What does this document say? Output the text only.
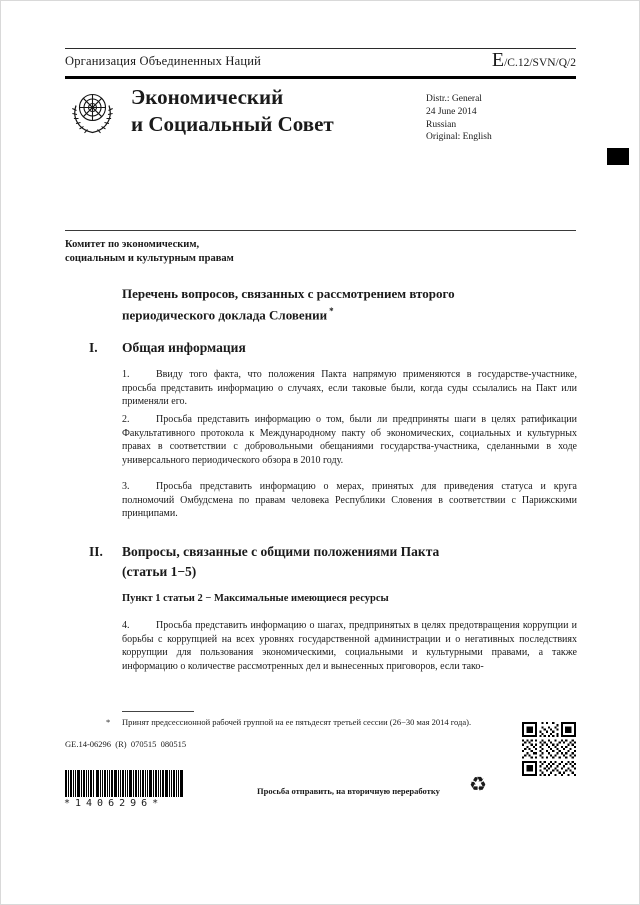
Организация Объединенных Наций	E/C.12/SVN/Q/2
Экономический
и Социальный Совет
Distr.: General
24 June 2014
Russian
Original: English
Комитет по экономическим,
социальным и культурным правам
Перечень вопросов, связанных с рассмотрением второго периодического доклада Словении *
I.	Общая информация

1.	Ввиду того факта, что положения Пакта напрямую применяются в государстве-участнике, просьба представить информацию о случаях, если таковые были, когда суды ссылались на Пакт или применяли его.

2.	Просьба представить информацию о том, были ли предприняты шаги в целях ратификации Факультативного протокола к Международному пакту об экономических, социальных и культурных правах в соответствии с добровольными обещаниями государства-участника, сделанными в ходе универсального периодического обзора в 2010 году.

3.	Просьба представить информацию о мерах, принятых для приведения статуса и круга полномочий Омбудсмена по правам человека Республики Словения в соответствии с Парижскими принципами.

II.	Вопросы, связанные с общими положениями Пакта (статьи 1−5)
Пункт 1 статьи 2 − Максимальные имеющиеся ресурсы

4.	Просьба представить информацию о шагах, предпринятых в целях предотвращения коррупции и борьбы с коррупцией на всех уровнях государственной администрации и о негативных последствиях коррупции для пользования экономическими, социальными и культурными правами, а также информацию о количестве рассмотренных дел и вынесенных приговоров, если тако-

*	Принят предсессионной рабочей группой на ее пятьдесят третьей сессии (26−30 мая 2014 года).
GE.14-06296  (R)  070515  080515
*1406296*
Просьба отправить, на вторичную переработку ♻
